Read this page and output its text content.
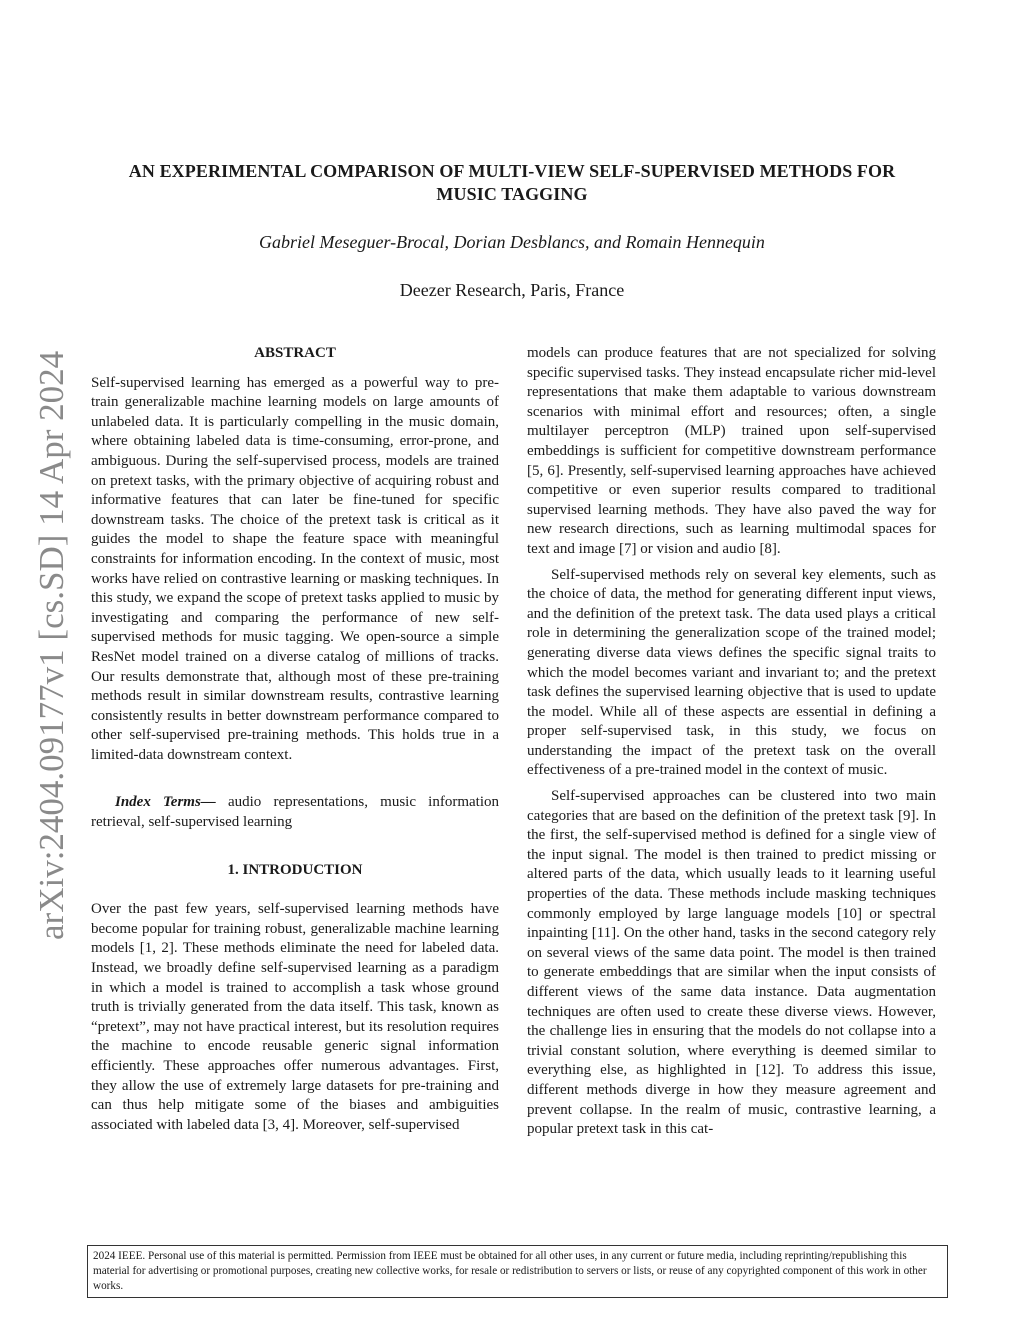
AN EXPERIMENTAL COMPARISON OF MULTI-VIEW SELF-SUPERVISED METHODS FOR
MUSIC TAGGING
Gabriel Meseguer-Brocal, Dorian Desblancs, and Romain Hennequin
Deezer Research, Paris, France
arXiv:2404.09177v1 [cs.SD] 14 Apr 2024	ABSTRACT

Self-supervised learning has emerged as a powerful way to pre-train generalizable machine learning models on large amounts of unlabeled data. It is particularly compelling in the music domain, where obtaining labeled data is time-consuming, error-prone, and ambiguous. During the self-supervised process, models are trained on pretext tasks, with the primary objective of acquiring robust and informative features that can later be fine-tuned for specific downstream tasks. The choice of the pretext task is critical as it guides the model to shape the feature space with meaningful constraints for information encoding. In the context of music, most works have relied on contrastive learning or masking techniques. In this study, we expand the scope of pretext tasks applied to music by investigating and comparing the performance of new self-supervised methods for music tagging. We open-source a simple ResNet model trained on a diverse catalog of millions of tracks. Our results demonstrate that, although most of these pre-training methods result in similar downstream results, contrastive learning consistently results in better downstream performance compared to other self-supervised pre-training methods. This holds true in a limited-data downstream context.

Index Terms— audio representations, music information retrieval, self-supervised learning

1. INTRODUCTION

Over the past few years, self-supervised learning methods have become popular for training robust, generalizable machine learning models [1, 2]. These methods eliminate the need for labeled data. Instead, we broadly define self-supervised learning as a paradigm in which a model is trained to accomplish a task whose ground truth is trivially generated from the data itself. This task, known as “pretext”, may not have practical interest, but its resolution requires the machine to encode reusable generic signal information efficiently. These approaches offer numerous advantages. First, they allow the use of extremely large datasets for pre-training and can thus help mitigate some of the biases and ambiguities associated with labeled data [3, 4]. Moreover, self-supervised

models can produce features that are not specialized for solving specific supervised tasks. They instead encapsulate richer mid-level representations that make them adaptable to various downstream scenarios with minimal effort and resources; often, a single multilayer perceptron (MLP) trained upon self-supervised embeddings is sufficient for competitive downstream performance [5, 6]. Presently, self-supervised learning approaches have achieved competitive or even superior results compared to traditional supervised learning methods. They have also paved the way for new research directions, such as learning multimodal spaces for text and image [7] or vision and audio [8].

Self-supervised methods rely on several key elements, such as the choice of data, the method for generating different input views, and the definition of the pretext task. The data used plays a critical role in determining the generalization scope of the trained model; generating diverse data views defines the specific signal traits to which the model becomes variant and invariant to; and the pretext task defines the supervised learning objective that is used to update the model. While all of these aspects are essential in defining a proper self-supervised task, in this study, we focus on understanding the impact of the pretext task on the overall effectiveness of a pre-trained model in the context of music.

Self-supervised approaches can be clustered into two main categories that are based on the definition of the pretext task [9]. In the first, the self-supervised method is defined for a single view of the input signal. The model is then trained to predict missing or altered parts of the data, which usually leads to it learning useful properties of the data. These methods include masking techniques commonly employed by large language models [10] or spectral inpainting [11]. On the other hand, tasks in the second category rely on several views of the same data point. The model is then trained to generate embeddings that are similar when the input consists of different views of the same data instance. Data augmentation techniques are often used to create these diverse views. However, the challenge lies in ensuring that the models do not collapse into a trivial constant solution, where everything is deemed similar to everything else, as highlighted in [12]. To address this issue, different methods diverge in how they measure agreement and prevent collapse. In the realm of music, contrastive learning, a popular pretext task in this cat-

2024 IEEE. Personal use of this material is permitted. Permission from IEEE must be obtained for all other uses, in any current or future media, including reprinting/republishing this material for advertising or promotional purposes, creating new collective works, for resale or redistribution to servers or lists, or reuse of any copyrighted component of this work in other works.
